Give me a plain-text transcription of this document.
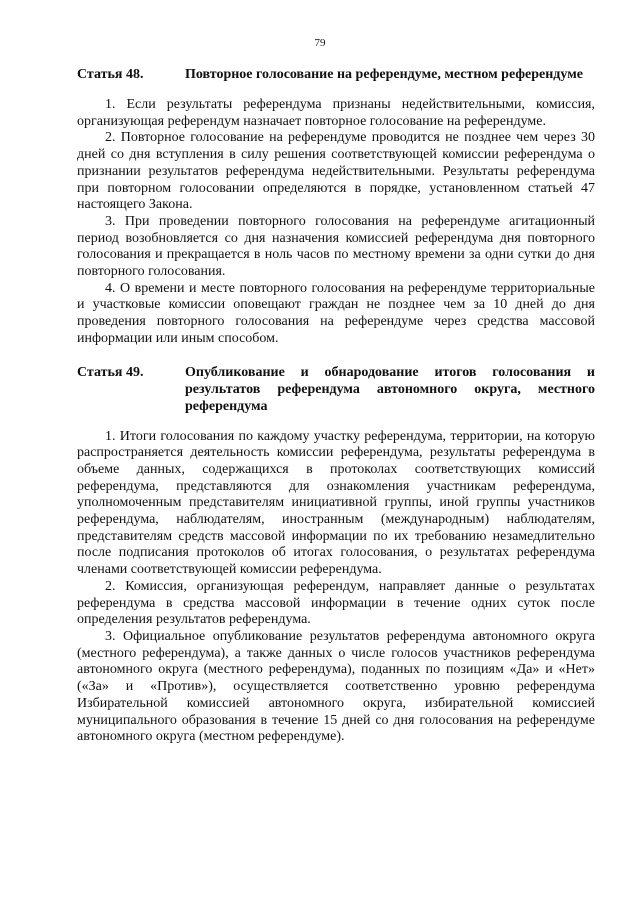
79
Статья 48.	Повторное голосование на референдуме, местном референдуме

1. Если результаты референдума признаны недействительными, комиссия, организующая референдум назначает повторное голосование на референдуме.

2. Повторное голосование на референдуме проводится не позднее чем через 30 дней со дня вступления в силу решения соответствующей комиссии референдума о признании результатов референдума недействительными. Результаты референдума при повторном голосовании определяются в порядке, установленном статьей 47 настоящего Закона.

3. При проведении повторного голосования на референдуме агитационный период возобновляется со дня назначения комиссией референдума дня повторного голосования и прекращается в ноль часов по местному времени за одни сутки до дня повторного голосования.

4. О времени и месте повторного голосования на референдуме территориальные и участковые комиссии оповещают граждан не позднее чем за 10 дней до дня проведения повторного голосования на референдуме через средства массовой информации или иным способом.

Статья 49.	Опубликование и обнародование итогов голосования и результатов референдума автономного округа, местного референдума

1. Итоги голосования по каждому участку референдума, территории, на которую распространяется деятельность комиссии референдума, результаты референдума в объеме данных, содержащихся в протоколах соответствующих комиссий референдума, представляются для ознакомления участникам референдума, уполномоченным представителям инициативной группы, иной группы участников референдума, наблюдателям, иностранным (международным) наблюдателям, представителям средств массовой информации по их требованию незамедлительно после подписания протоколов об итогах голосования, о результатах референдума членами соответствующей комиссии референдума.

2. Комиссия, организующая референдум, направляет данные о результатах референдума в средства массовой информации в течение одних суток после определения результатов референдума.

3. Официальное опубликование результатов референдума автономного округа (местного референдума), а также данных о числе голосов участников референдума автономного округа (местного референдума), поданных по позициям «Да» и «Нет» («За» и «Против»), осуществляется соответственно уровню референдума Избирательной комиссией автономного округа, избирательной комиссией муниципального образования в течение 15 дней со дня голосования на референдуме автономного округа (местном референдуме).
